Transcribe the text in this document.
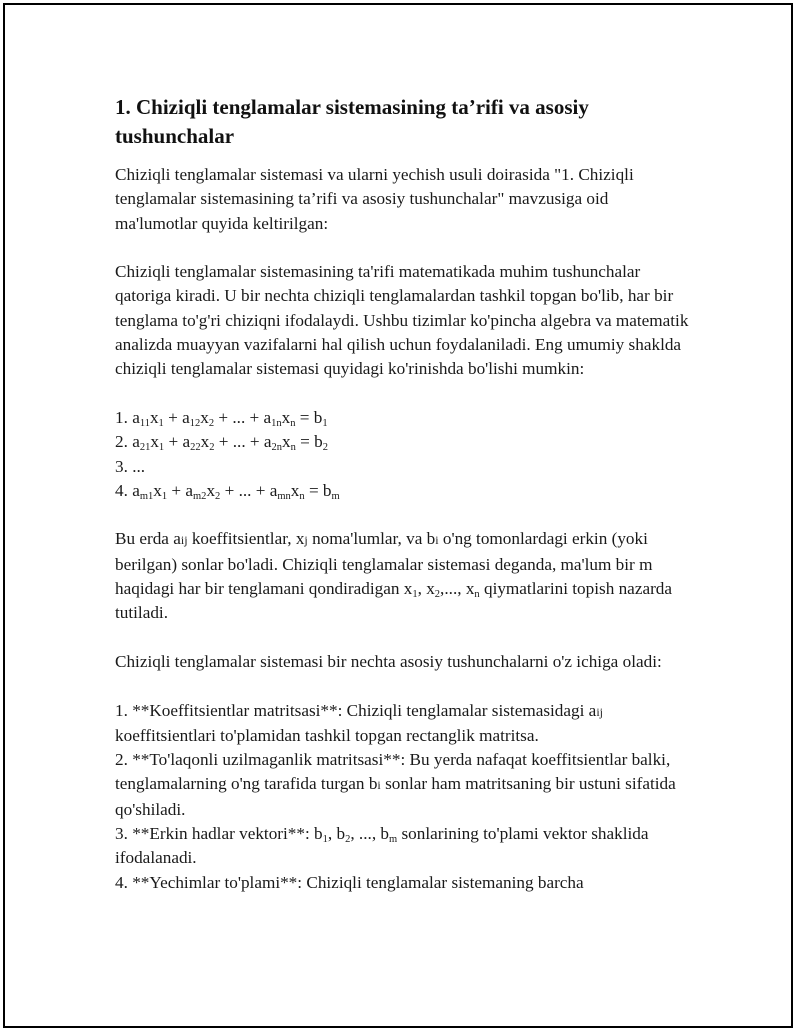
1. Chiziqli tenglamalar sistemasining ta’rifi va asosiy tushunchalar

Chiziqli tenglamalar sistemasi va ularni yechish usuli doirasida "1. Chiziqli tenglamalar sistemasining ta’rifi va asosiy tushunchalar" mavzusiga oid ma'lumotlar quyida keltirilgan:

Chiziqli tenglamalar sistemasining ta'rifi matematikada muhim tushunchalar qatoriga kiradi. U bir nechta chiziqli tenglamalardan tashkil topgan bo'lib, har bir tenglama to'g'ri chiziqni ifodalaydi. Ushbu tizimlar ko'pincha algebra va matematik analizda muayyan vazifalarni hal qilish uchun foydalaniladi. Eng umumiy shaklda chiziqli tenglamalar sistemasi quyidagi ko'rinishda bo'lishi mumkin:

1. $a_{11}x_1 + a_{12}x_2$ + ... + $a_{1n}x_n = b_1$
2. $a_{21}x_1 + a_{22}x_2$ + ... + $a_{2n}x_n = b_2$
3. ...
4. $a_{m1}x_1 + a_{m2}x_2$ + ... + $a_{mn}x_n = b_m$

Bu erda aij koeffitsientlar, xj noma'lumlar, va bi o'ng tomonlardagi erkin (yoki berilgan) sonlar bo'ladi. Chiziqli tenglamalar sistemasi deganda, ma'lum bir m haqidagi har bir tenglamani qondiradigan $x_1$, $x_2$,..., $x_n$ qiymatlarini topish nazarda tutiladi.

Chiziqli tenglamalar sistemasi bir nechta asosiy tushunchalarni o'z ichiga oladi:

1. **Koeffitsientlar matritsasi**: Chiziqli tenglamalar sistemasidagi aij koeffitsientlari to'plamidan tashkil topgan rectanglik matritsa.

2. **To'laqonli uzilmaganlik matritsasi**: Bu yerda nafaqat koeffitsientlar balki, tenglamalarning o'ng tarafida turgan bi sonlar ham matritsaning bir ustuni sifatida qo'shiladi.

3. **Erkin hadlar vektori**: $b_1$, $b_2$, ..., $b_m$ sonlarining to'plami vektor shaklida ifodalanadi.

4. **Yechimlar to'plami**: Chiziqli tenglamalar sistemaning barcha
